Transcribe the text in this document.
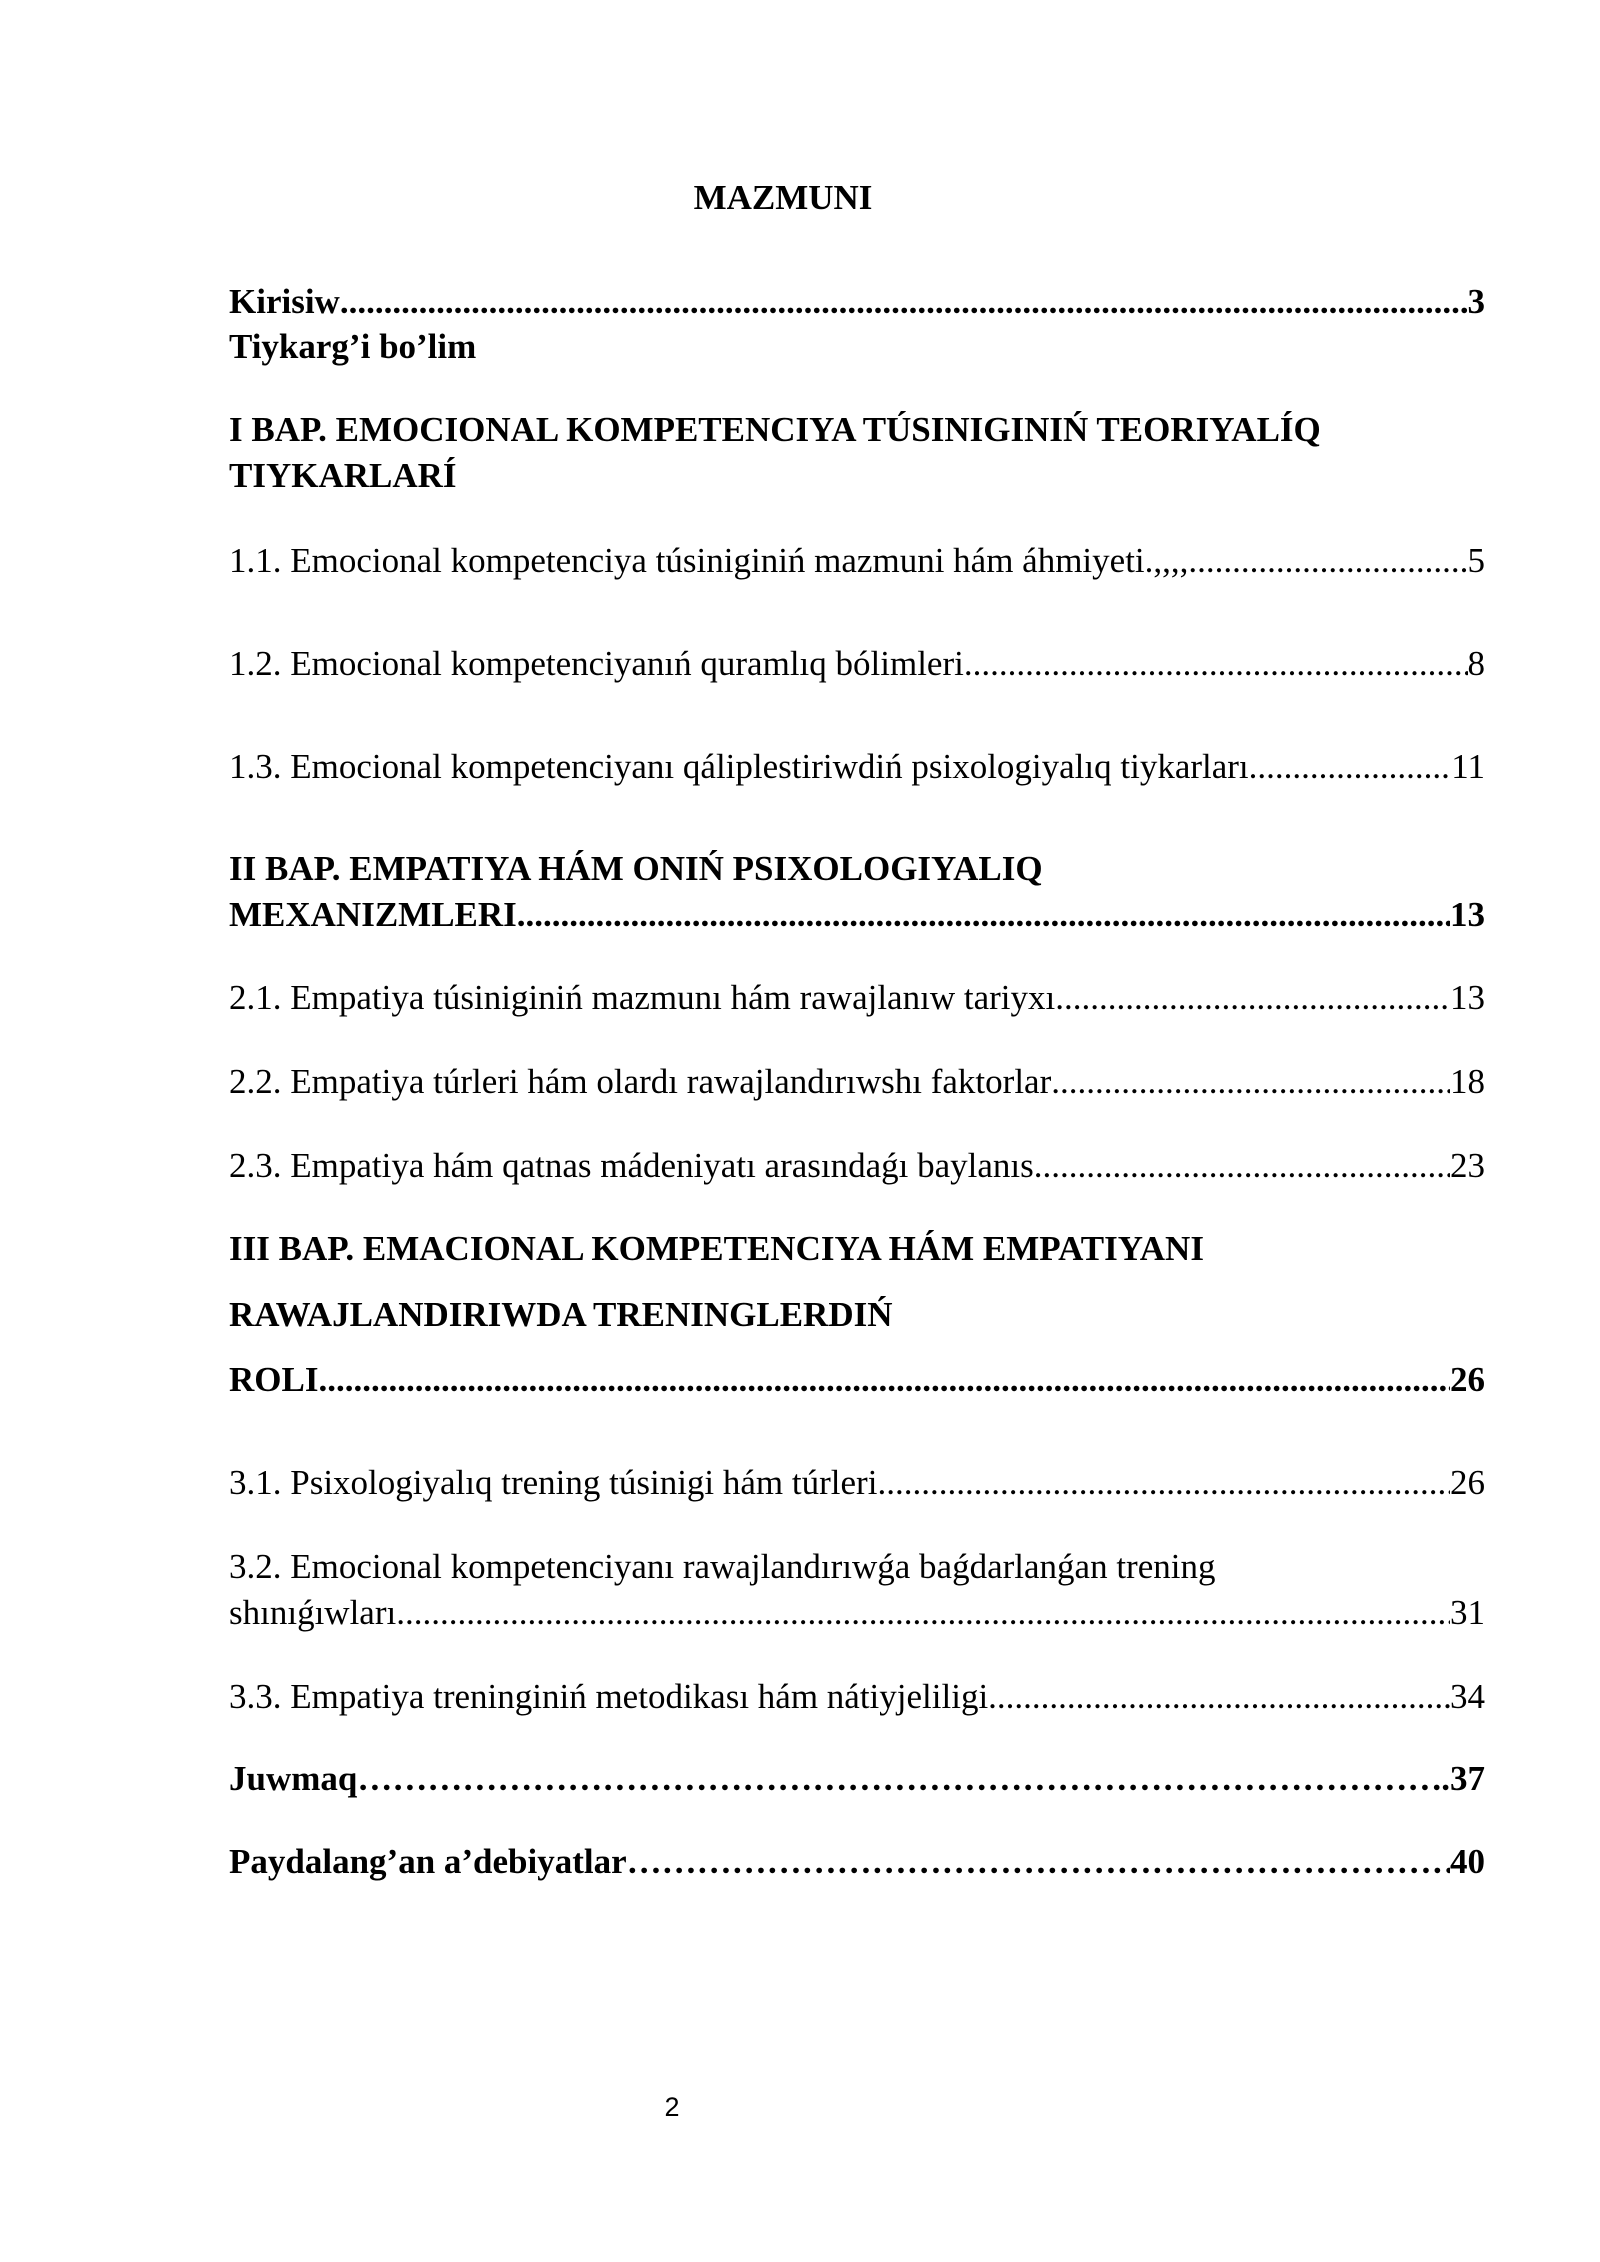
MAZMUNI
Kirisiw .....	3
Tiykarg’i bo’lim
I BAP. EMOCIONAL KOMPETENCIYA TÚSINIGINIŃ TEORIYALÍQ
TIYKARLARÍ
1.1. Emocional kompetenciya túsiniginiń mazmuni hám áhmiyeti.,,,, .....	5
1.2. Emocional kompetenciyanıń quramlıq bólimleri .....	8
1.3. Emocional kompetenciyanı qáliplestiriwdiń psixologiyalıq tiykarları .....	11
II BAP. EMPATIYA HÁM ONIŃ PSIXOLOGIYALIQ
MEXANIZMLERI .....	13
2.1. Empatiya túsiniginiń mazmunı hám rawajlanıw tariyxı .....	13
2.2. Empatiya túrleri hám olardı rawajlandırıwshı faktorlar .....	18
2.3. Empatiya hám qatnas mádeniyatı arasındaǵı baylanıs .....	23
III BAP. EMACIONAL KOMPETENCIYA HÁM EMPATIYANI
RAWAJLANDIRIWDA TRENINGLERDIŃ
ROLI .....	26
3.1. Psixologiyalıq trening túsinigi hám túrleri .....	26
3.2. Emocional kompetenciyanı rawajlandırıwǵa baǵdarlanǵan trening
shınıǵıwları .....	31
3.3. Empatiya treninginiń metodikası hám nátiyjeliligi .....	34
Juwmaq ………………………………………………………………………………………………………………………………………………………………………………………………………………	.37
Paydalang’an a’debiyatlar ………………………………………………………………………………………………………………………………………………………………………………………………………………	40
2
